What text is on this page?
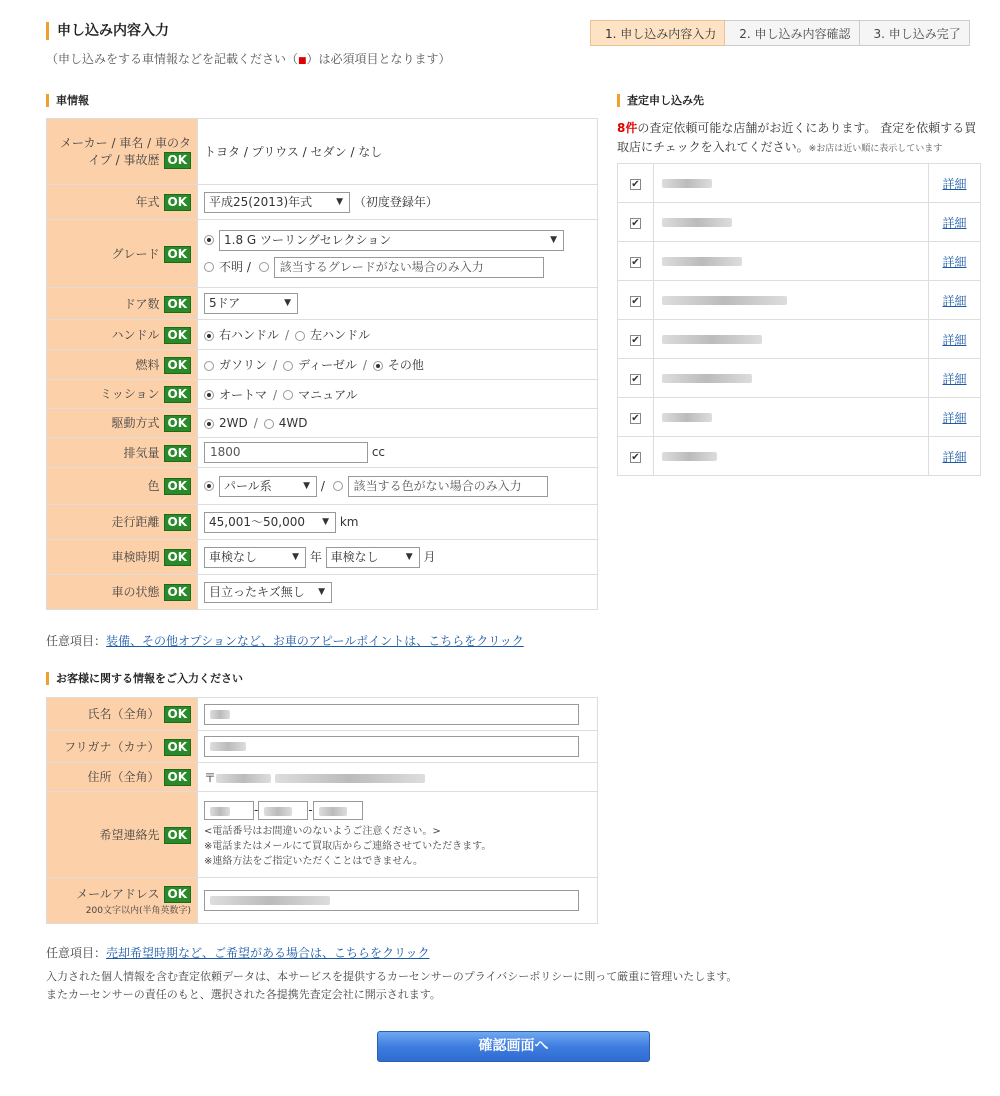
申し込み内容入力
（申し込みをする車情報などを記載ください（■）は必須項目となります）
1. 申し込み内容入力	2. 申し込み内容確認	3. 申し込み完了
車情報
メーカー / 車名 / 車のタイプ / 事故歴 OK	トヨタ / プリウス / セダン / なし
年式 OK	平成25(2013)年式 ▼ （初度登録年）
グレード OK	1.8 G ツーリングセレクション ▼
不明 / 該当するグレードがない場合のみ入力

ドア数 OK	5ドア ▼

ハンドル OK	右ハンドル / 左ハンドル
燃料 OK	ガソリン / ディーゼル / その他
ミッション OK	オートマ / マニュアル
駆動方式 OK	2WD / 4WD
排気量 OK	1800 cc
色 OK	パール系 ▼ / 該当する色がない場合のみ入力
走行距離 OK	45,001～50,000 ▼ km
車検時期 OK	車検なし ▼ 年 車検なし ▼ 月
車の状態 OK	目立ったキズ無し ▼
任意項目：装備、その他オプションなど、お車のアピールポイントは、こちらをクリック
お客様に関する情報をご入力ください
氏名（全角） OK	
フリガナ（カナ） OK	
住所（全角） OK	〒
希望連絡先 OK	- -
<電話番号はお間違いのないようご注意ください。>
※電話またはメールにて買取店からご連絡させていただきます。
※連絡方法をご指定いただくことはできません。

メールアドレス OK
200文字以内(半角英数字)	

任意項目：売却希望時期など、ご希望がある場合は、こちらをクリック
入力された個人情報を含む査定依頼データは、本サービスを提供するカーセンサーのプライバシーポリシーに則って厳重に管理いたします。
またカーセンサーの責任のもと、選択された各提携先査定会社に開示されます。
確認画面へ
査定申し込み先
8件の査定依頼可能な店舗がお近くにあります。 査定を依頼する買取店にチェックを入れてください。※お店は近い順に表示しています
✔		詳細
✔		詳細
✔		詳細
✔		詳細
✔		詳細
✔		詳細
✔		詳細
✔		詳細
